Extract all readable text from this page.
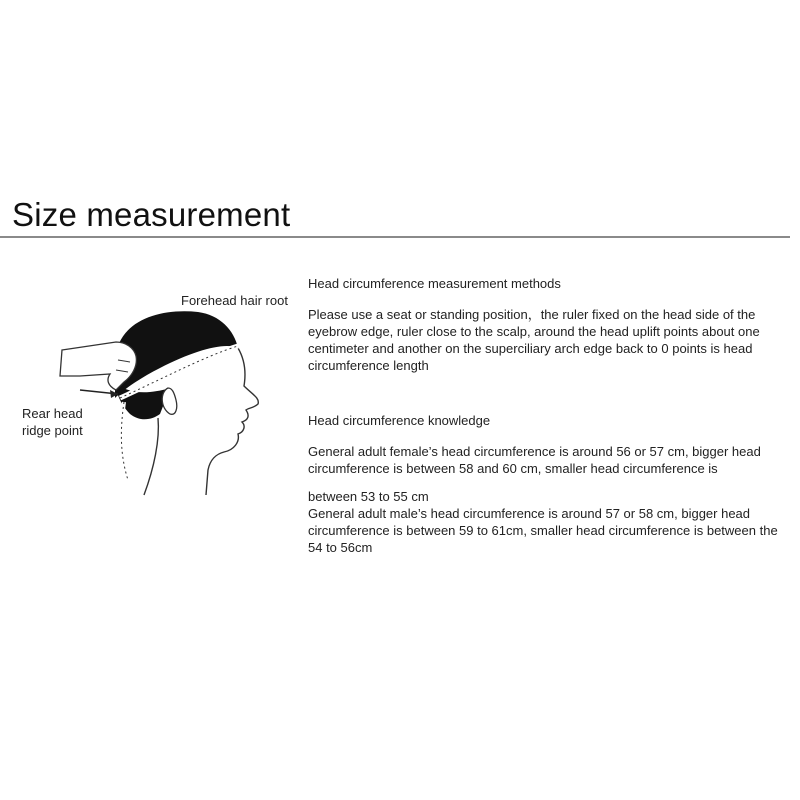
Size measurement
Forehead hair root
Rear head ridge point
Head circumference measurement methods

Please use a seat or standing position，the ruler fixed on the head side of the eyebrow edge, ruler close to the scalp, around the head uplift points about one centimeter and another on the superciliary arch edge back to 0 points is head circumference length

Head circumference knowledge

General adult female’s head circumference is around 56 or 57 cm, bigger head circumference is between 58 and 60 cm, smaller head circumference is

between 53 to 55 cm

General adult male’s head circumference is around 57 or 58 cm, bigger head circumference is between 59 to 61cm, smaller head circumference is between the 54 to 56cm
